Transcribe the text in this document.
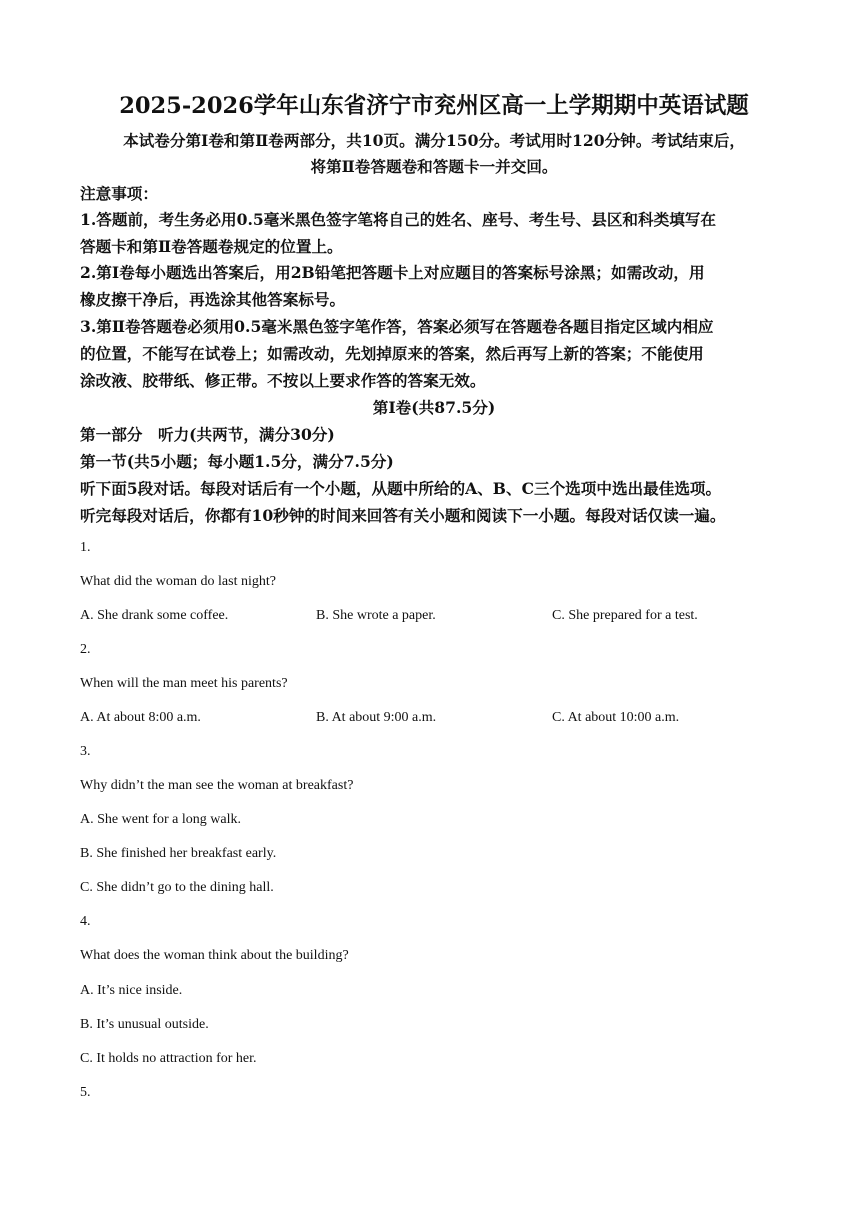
2025-2026学年山东省济宁市兖州区高一上学期期中英语试题
本试卷分第Ⅰ卷和第Ⅱ卷两部分，共10页。满分150分。考试用时120分钟。考试结束后，
将第Ⅱ卷答题卷和答题卡一并交回。
注意事项：
1.答题前，考生务必用0.5毫米黑色签字笔将自己的姓名、座号、考生号、县区和科类填写在
答题卡和第Ⅱ卷答题卷规定的位置上。
2.第Ⅰ卷每小题选出答案后，用2B铅笔把答题卡上对应题目的答案标号涂黑；如需改动，用
橡皮擦干净后，再选涂其他答案标号。
3.第Ⅱ卷答题卷必须用0.5毫米黑色签字笔作答，答案必须写在答题卷各题目指定区域内相应
的位置，不能写在试卷上；如需改动，先划掉原来的答案，然后再写上新的答案；不能使用
涂改液、胶带纸、修正带。不按以上要求作答的答案无效。
第Ⅰ卷(共87.5分)
第一部分　听力(共两节，满分30分)
第一节(共5小题；每小题1.5分，满分7.5分)
听下面5段对话。每段对话后有一个小题，从题中所给的A、B、C三个选项中选出最佳选项。
听完每段对话后，你都有10秒钟的时间来回答有关小题和阅读下一小题。每段对话仅读一遍。
1.
What did the woman do last night?
A. She drank some coffee.	B. She wrote a paper.	C. She prepared for a test.
2.
When will the man meet his parents?
A. At about 8:00 a.m.	B. At about 9:00 a.m.	C. At about 10:00 a.m.
3.
Why didn’t the man see the woman at breakfast?
A. She went for a long walk.
B. She finished her breakfast early.
C. She didn’t go to the dining hall.
4.
What does the woman think about the building?
A. It’s nice inside.
B. It’s unusual outside.
C. It holds no attraction for her.
5.
